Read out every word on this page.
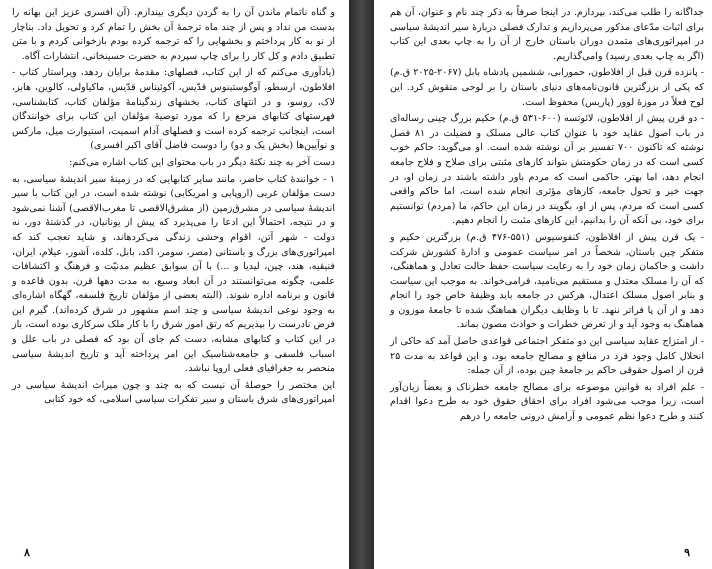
و گناه ناتمام ماندن آن را به گردن دیگری بیندازم. (آن افسری عزیز این بهانه را بدست من نداد و پس از چند ماه ترجمهٔ آن بخش را تمام کرد و تحویل داد. بناچار از نو به کار پرداختم و بخشهایی را که ترجمه کرده بودم بازخوانی کردم و با متن تطبیق دادم و کل کار را برای چاپ سپردم به حضرت حسینخانی، انتشارات آگاه.

(یادآوری می‌کنم که از این کتاب، فصلهای: مقدمهٔ برایان ردهد، ویراستار کتاب - افلاطون، ارسطو، آوگوستینوس قدّیس، آکوئیناس قدّیس، ماکیاولی، کالوین، هابز، لاک، روسو، و در انتهای کتاب، بخشهای زندگینامهٔ مؤلفان کتاب، کتابشناسی، فهرستهای کتابهای مرجع را که مورد توصیهٔ مؤلفان این کتاب برای خوانندگان است، اینجانب ترجمه کرده است و فصلهای آدام اسمیت، استیوارت میل، مارکس و نوآیین‌ها (بخش یک و دو) را دوست فاضل آقای اکبر افسری)

دست آخر به چند نکتهٔ دیگر در باب محتوای این کتاب اشاره می‌کنم:

۱ - خوانندهٔ کتاب حاضر، مانند سایر کتابهایی که در زمینهٔ سیر اندیشهٔ سیاسی، به دست مؤلفان غربی (اروپایی و امریکایی) نوشته شده است، در این کتاب با سیر اندیشهٔ سیاسی در مشرق‌زمین (از مشرق‌الاقصی تا مغرب‌الاقصی) آشنا نمی‌شود و در نتیجه، احتمالاً این ادعا را می‌پذیرد که پیش از یونانیان، در گذشتهٔ دور، نه دولت - شهر آتن، اقوام وحشی زندگی می‌کردهاند، و شاید تعجب کند که امپراتوری‌های بزرگ و باستانی (مصر، سومر، اکد، بابل، کلده، آشور، عیلام، ایران، فنیقیه، هند، چین، لیدیا و ...) با آن سوابق عظیم مدنیّت و فرهنگ و اکتشافات علمی، چگونه می‌توانستند در آن ابعاد وسیع، به مدت دهها قرن، بدون قاعده و قانون و برنامه اداره شوند. (البته بعضی از مؤلفان تاریخ فلسفه، گهگاه اشاره‌ای به وجود نوعی اندیشهٔ سیاسی و چند اسم مشهور در شرق کرده‌اند). گیرم این فرض نادرست را بپذیریم که رتق امور شرق را با کار ملک سرکاری بوده است، باز در این کتاب و کتابهای مشابه، دست کم جای آن بود که فصلی در باب علل و اسباب فلسفی و جامعه‌شناسیک این امر پرداخته آید و تاریخ اندیشهٔ سیاسی منحصر به جغرافیای فعلی اروپا نباشد.

این مختصر را حوصلهٔ آن نیست که به چند و چون میراث اندیشهٔ سیاسی در امپراتوری‌های شرق باستان و سیر تفکرات سیاسی اسلامی، که خود کتابی

۸

جداگانه را طلب می‌کند، بپردازم. در اینجا صرفاً به ذکر چند نام و عنوان، آن هم برای اثبات مدّعای مذکور می‌پردازیم و تدارک فصلی دربارهٔ سیر اندیشهٔ سیاسی در امپراتوری‌های متمدن دوران باستان خارج از آن را به چاپ بعدی این کتاب (اگر به چاپ بعدی رسید) وامی‌گذاریم.

- پانزده قرن قبل از افلاطون، حمورابی، ششمین پادشاه بابل (۲۰۶۷-۲۰۲۵ ق.م) که یکی از بزرگترین قانون‌نامه‌های دنیای باستان را بر لوحی منقوش کرد. این لوح فعلاً در موزهٔ لوور (پاریس) محفوظ است.

- دو قرن پیش از افلاطون، لائوتسه (۶۰۰-۵۳۱ ق.م) حکیم بزرگ چینی رساله‌ای در باب اصول عقاید خود با عنوان کتاب عالی مسلک و فضیلت در ۸۱ فصل نوشته که تاکنون ۷۰۰ تفسیر بر آن نوشته شده است. او می‌گوید: حاکم خوب کسی است که در زمان حکومتش بتواند کارهای مثبتی برای صلاح و فلاح جامعه انجام دهد، اما بهتر، حاکمی است که مردم باور داشته باشند در زمان او، در جهت خیر و تحول جامعه، کارهای مؤثری انجام شده است، اما حاکم واقعی کسی است که مردم، پس از او، بگویند در زمان این حاکم، ما (مردم) توانستیم برای خود، بی آنکه آن را بدانیم، این کارهای مثبت را انجام دهیم.

- یک قرن پیش از افلاطون، کنفوسیوس (۵۵۱-۴۷۶ ق.م) بزرگترین حکیم و متفکر چین باستان، شخصاً در امر سیاست عمومی و ادارهٔ کشورش شرکت داشت و حاکمان زمان خود را به رعایت سیاست حفظ حالت تعادل و هماهنگی، که آن را مسلک معتدل و مستقیم می‌نامید، فرامی‌خواند. به موجب این سیاست و بنابر اصول مسلک اعتدال، هرکس در جامعه باید وظیفهٔ خاص خود را انجام دهد و از آن پا فراتر ننهد. تا با وظایف دیگران هماهنگ شده تا جامعهٔ موزون و هماهنگ به وجود آید و از تعرض خطرات و حوادث مصون بماند.

- از امتزاج عقاید سیاسی این دو متفکر اجتماعی قواعدی حاصل آمد که حاکی از انحلال کامل وجود فرد در منافع و مصالح جامعه بود، و این قواعد به مدت ۲۵ قرن از اصول حقوقی حاکم بر جامعهٔ چین بوده، از آن جمله:

- علم افراد به قوانین موضوعه برای مصالح جامعه خطرناک و بعضاً زیان‌آور است، زیرا موجب می‌شود افراد برای احقاق حقوق خود به طرح دعوا اقدام کنند و طرح دعوا نظم عمومی و آرامش درونی جامعه را درهم

۹
